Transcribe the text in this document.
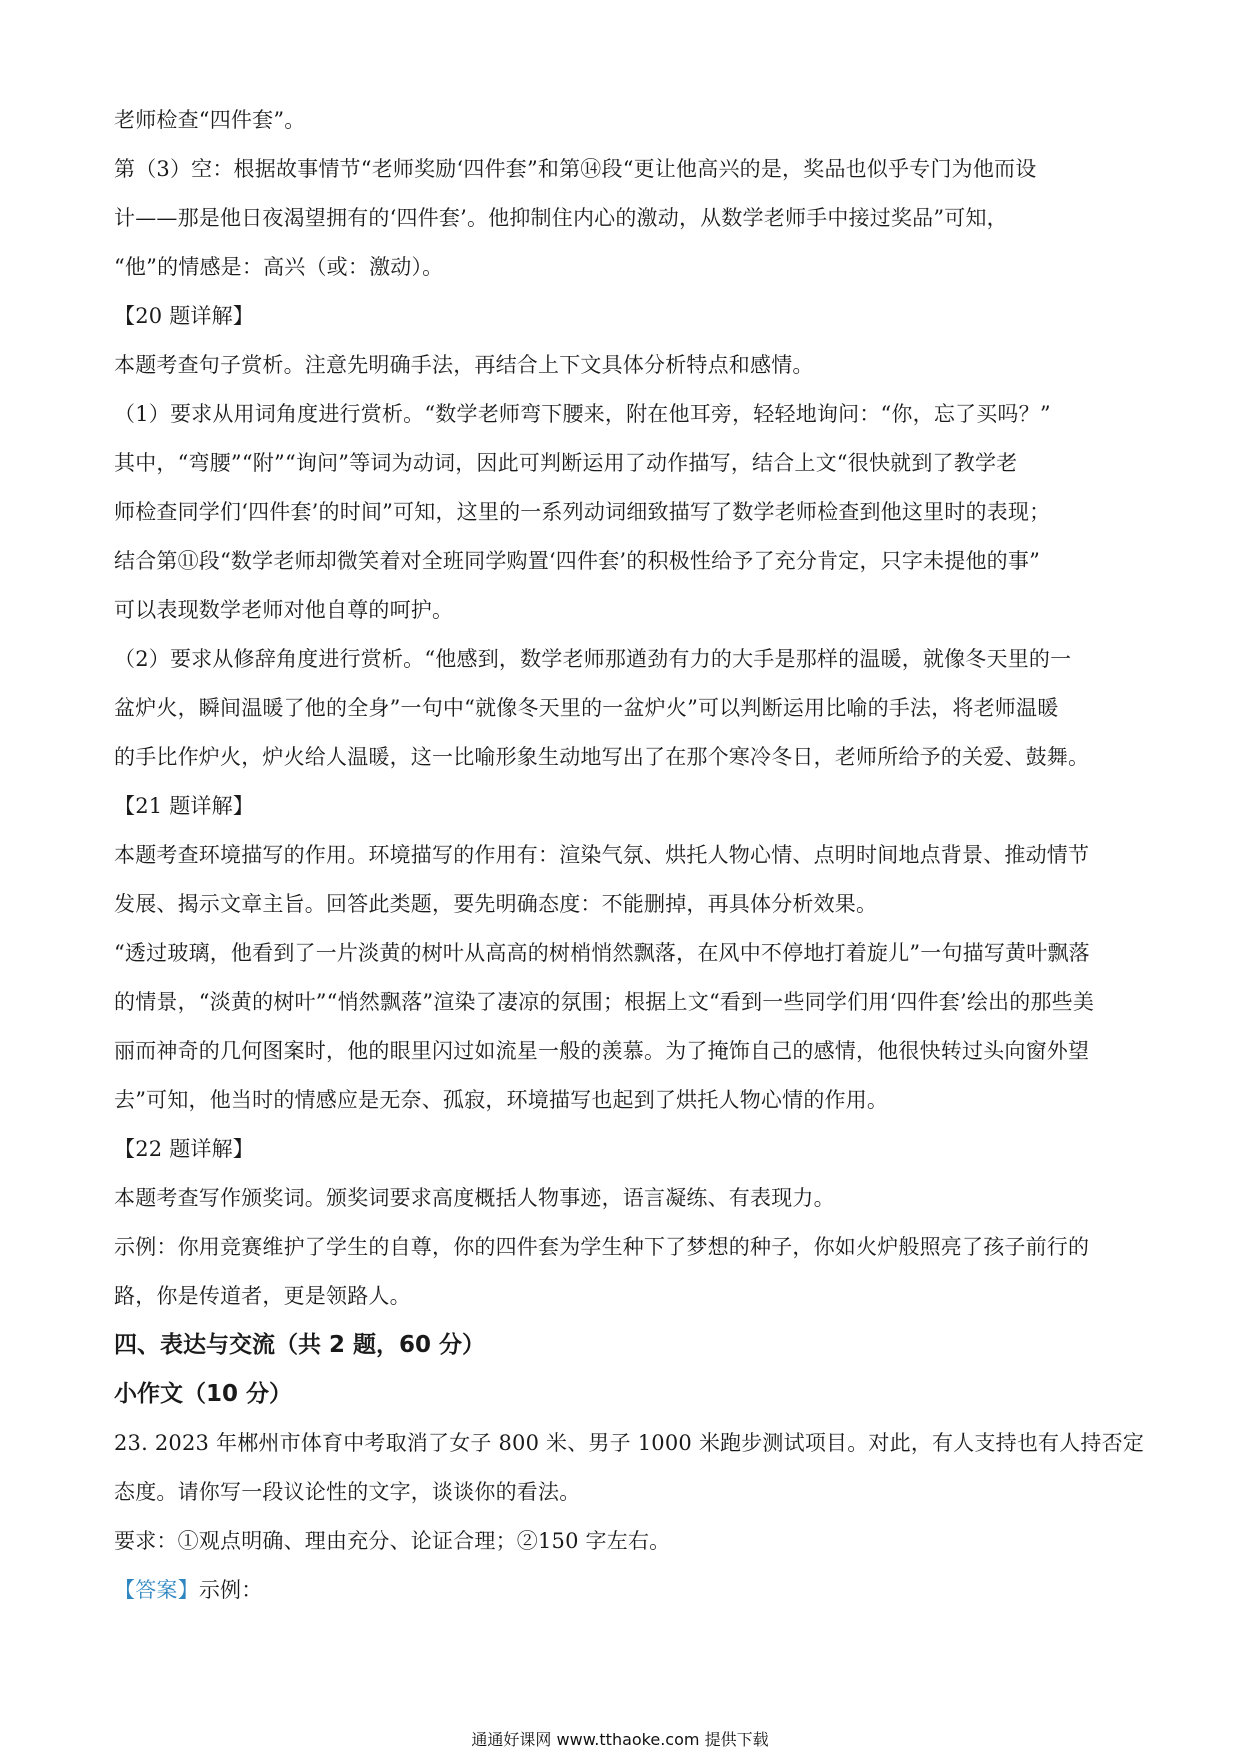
老师检查“四件套”。
第（3）空：根据故事情节“老师奖励‘四件套”和第⑭段“更让他高兴的是，奖品也似乎专门为他而设
计——那是他日夜渴望拥有的‘四件套’。他抑制住内心的激动，从数学老师手中接过奖品”可知，
“他”的情感是：高兴（或：激动）。
【20 题详解】
本题考查句子赏析。注意先明确手法，再结合上下文具体分析特点和感情。
（1）要求从用词角度进行赏析。“数学老师弯下腰来，附在他耳旁，轻轻地询问：“你，忘了买吗？”
其中，“弯腰”“附”“询问”等词为动词，因此可判断运用了动作描写，结合上文“很快就到了教学老
师检查同学们‘四件套’的时间”可知，这里的一系列动词细致描写了数学老师检查到他这里时的表现；
结合第⑪段“数学老师却微笑着对全班同学购置‘四件套’的积极性给予了充分肯定，只字未提他的事”
可以表现数学老师对他自尊的呵护。
（2）要求从修辞角度进行赏析。“他感到，数学老师那遒劲有力的大手是那样的温暖，就像冬天里的一
盆炉火，瞬间温暖了他的全身”一句中“就像冬天里的一盆炉火”可以判断运用比喻的手法，将老师温暖
的手比作炉火，炉火给人温暖，这一比喻形象生动地写出了在那个寒冷冬日，老师所给予的关爱、鼓舞。
【21 题详解】
本题考查环境描写的作用。环境描写的作用有：渲染气氛、烘托人物心情、点明时间地点背景、推动情节
发展、揭示文章主旨。回答此类题，要先明确态度：不能删掉，再具体分析效果。
“透过玻璃，他看到了一片淡黄的树叶从高高的树梢悄然飘落，在风中不停地打着旋儿”一句描写黄叶飘落
的情景，“淡黄的树叶”“悄然飘落”渲染了凄凉的氛围；根据上文“看到一些同学们用‘四件套’绘出的那些美
丽而神奇的几何图案时，他的眼里闪过如流星一般的羡慕。为了掩饰自己的感情，他很快转过头向窗外望
去”可知，他当时的情感应是无奈、孤寂，环境描写也起到了烘托人物心情的作用。
【22 题详解】
本题考查写作颁奖词。颁奖词要求高度概括人物事迹，语言凝练、有表现力。
示例：你用竞赛维护了学生的自尊，你的四件套为学生种下了梦想的种子，你如火炉般照亮了孩子前行的
路，你是传道者，更是领路人。
四、表达与交流（共 2 题，60 分）
小作文（10 分）
23. 2023 年郴州市体育中考取消了女子 800 米、男子 1000 米跑步测试项目。对此，有人支持也有人持否定
态度。请你写一段议论性的文字，谈谈你的看法。
要求：①观点明确、理由充分、论证合理；②150 字左右。
【答案】示例：
通通好课网 www.tthaoke.com 提供下载
